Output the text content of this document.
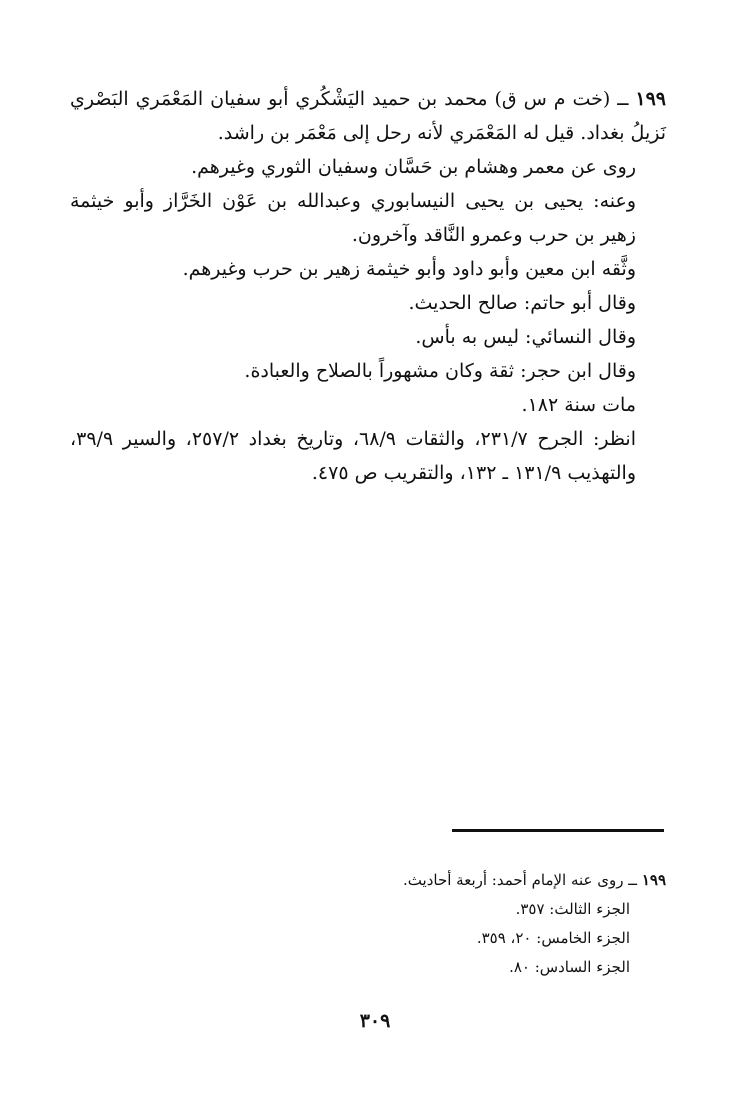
١٩٩ ــ (خت م س ق) محمد بن حميد اليَشْكُري أبو سفيان المَعْمَري البَصْري نَزيلُ بغداد. قيل له المَعْمَري لأنه رحل إلى مَعْمَر بن راشد.

روى عن معمر وهشام بن حَسَّان وسفيان الثوري وغيرهم.

وعنه: يحيى بن يحيى النيسابوري وعبدالله بن عَوْن الخَرَّاز وأبو خيثمة زهير بن حرب وعمرو النَّاقد وآخرون.

وثَّقه ابن معين وأبو داود وأبو خيثمة زهير بن حرب وغيرهم.

وقال أبو حاتم: صالح الحديث.

وقال النسائي: ليس به بأس.

وقال ابن حجر: ثقة وكان مشهوراً بالصلاح والعبادة.

مات سنة ١٨٢.

انظر: الجرح ٢٣١/٧، والثقات ٦٨/٩، وتاريخ بغداد ٢٥٧/٢، والسير ٣٩/٩، والتهذيب ١٣١/٩ ـ ١٣٢، والتقريب ص ٤٧٥.

١٩٩ ــ روى عنه الإمام أحمد: أربعة أحاديث.

الجزء الثالث: ٣٥٧.

الجزء الخامس: ٢٠، ٣٥٩.

الجزء السادس: ٨٠.

٣٠٩
